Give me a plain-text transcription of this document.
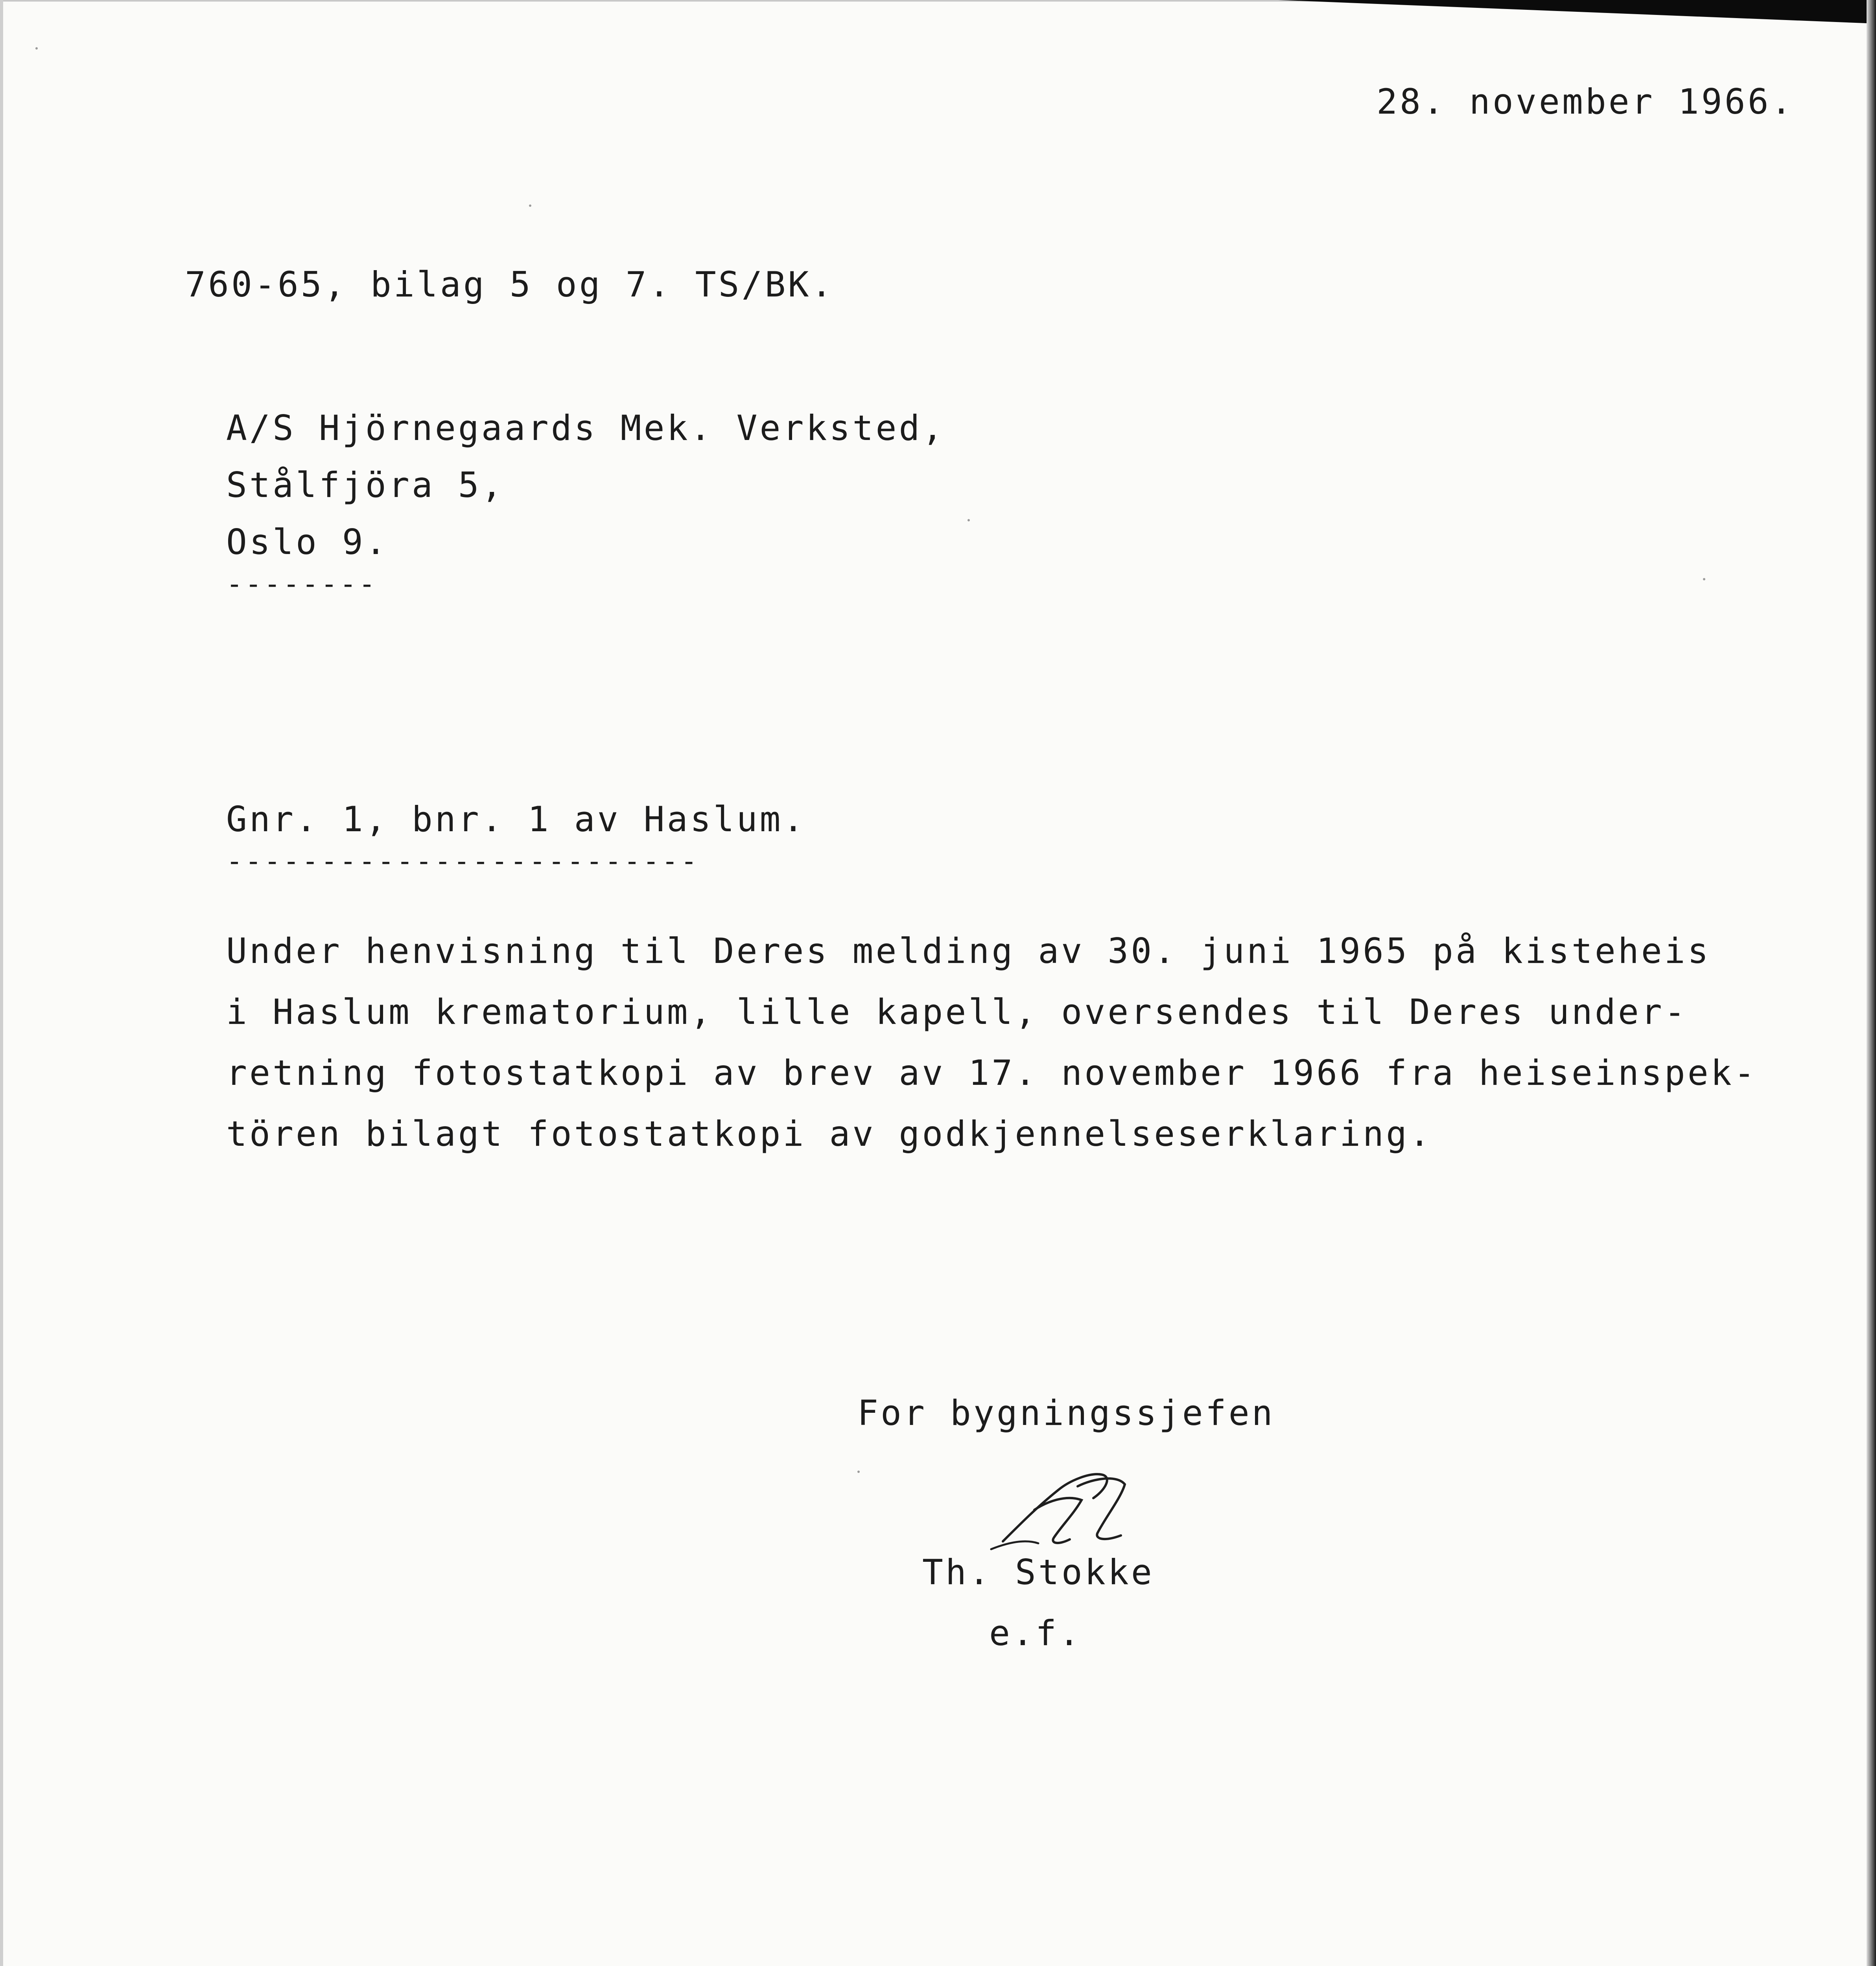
28. november 1966.
760-65, bilag 5 og 7. TS/BK.
A/S Hjörnegaards Mek. Verksted,
Stålfjöra 5,
Oslo 9.
--------
Gnr. 1, bnr. 1 av Haslum.
-------------------------
Under henvisning til Deres melding av 30. juni 1965 på kisteheis
i Haslum krematorium, lille kapell, oversendes til Deres under-
retning fotostatkopi av brev av 17. november 1966 fra heiseinspek-
tören bilagt fotostatkopi av godkjennelseserklaring.
For bygningssjefen
Th. Stokke
e.f.
